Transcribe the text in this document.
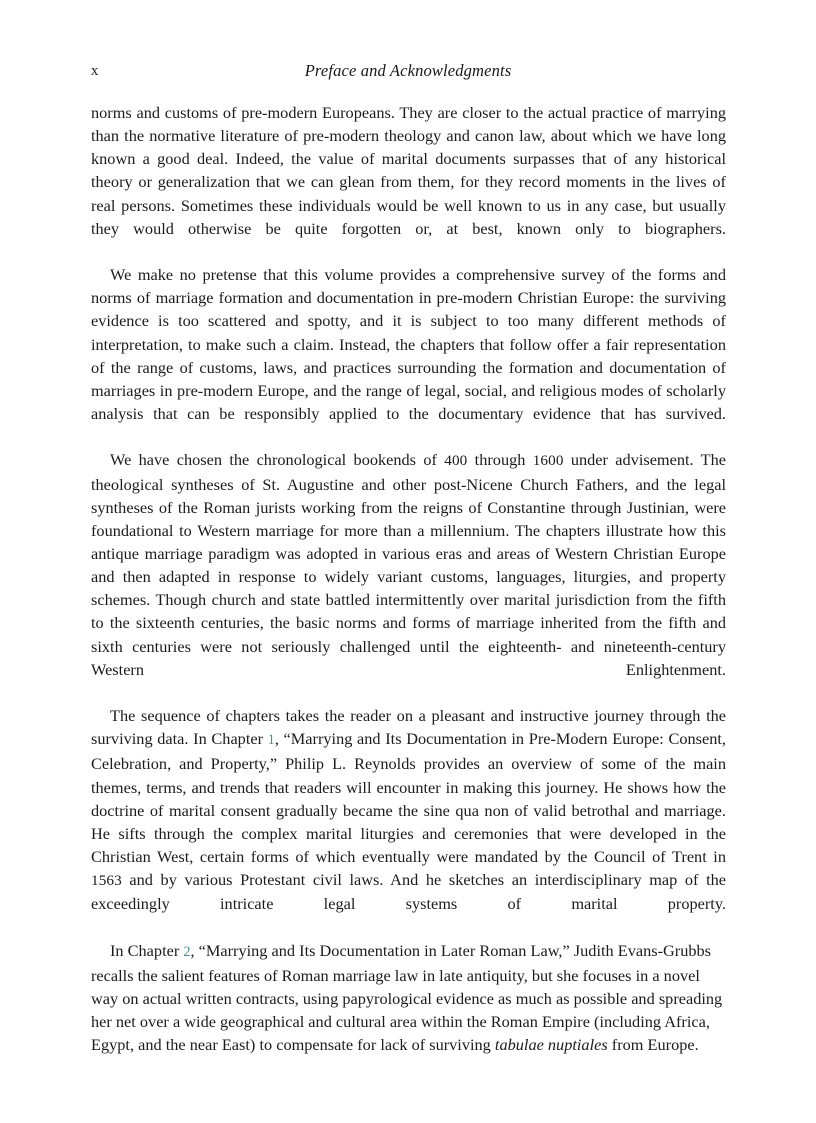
x	Preface and Acknowledgments

norms and customs of pre-modern Europeans. They are closer to the actual practice of marrying than the normative literature of pre-modern theology and canon law, about which we have long known a good deal. Indeed, the value of marital documents surpasses that of any historical theory or generalization that we can glean from them, for they record moments in the lives of real persons. Sometimes these individuals would be well known to us in any case, but usually they would otherwise be quite forgotten or, at best, known only to biographers.

We make no pretense that this volume provides a comprehensive survey of the forms and norms of marriage formation and documentation in pre-modern Christian Europe: the surviving evidence is too scattered and spotty, and it is subject to too many different methods of interpretation, to make such a claim. Instead, the chapters that follow offer a fair representation of the range of customs, laws, and practices surrounding the formation and documentation of marriages in pre-modern Europe, and the range of legal, social, and religious modes of scholarly analysis that can be responsibly applied to the documentary evidence that has survived.

We have chosen the chronological bookends of 400 through 1600 under advisement. The theological syntheses of St. Augustine and other post-Nicene Church Fathers, and the legal syntheses of the Roman jurists working from the reigns of Constantine through Justinian, were foundational to Western marriage for more than a millennium. The chapters illustrate how this antique marriage paradigm was adopted in various eras and areas of Western Christian Europe and then adapted in response to widely variant customs, languages, liturgies, and property schemes. Though church and state battled intermittently over marital jurisdiction from the fifth to the sixteenth centuries, the basic norms and forms of marriage inherited from the fifth and sixth centuries were not seriously challenged until the eighteenth- and nineteenth-century Western Enlightenment.

The sequence of chapters takes the reader on a pleasant and instructive journey through the surviving data. In Chapter 1, “Marrying and Its Documentation in Pre-Modern Europe: Consent, Celebration, and Property,” Philip L. Reynolds provides an overview of some of the main themes, terms, and trends that readers will encounter in making this journey. He shows how the doctrine of marital consent gradually became the sine qua non of valid betrothal and marriage. He sifts through the complex marital liturgies and ceremonies that were developed in the Christian West, certain forms of which eventually were mandated by the Council of Trent in 1563 and by various Protestant civil laws. And he sketches an interdisciplinary map of the exceedingly intricate legal systems of marital property.

In Chapter 2, “Marrying and Its Documentation in Later Roman Law,” Judith Evans-Grubbs recalls the salient features of Roman marriage law in late antiquity, but she focuses in a novel way on actual written contracts, using papyrological evidence as much as possible and spreading her net over a wide geographical and cultural area within the Roman Empire (including Africa, Egypt, and the near East) to compensate for lack of surviving tabulae nuptiales from Europe.
